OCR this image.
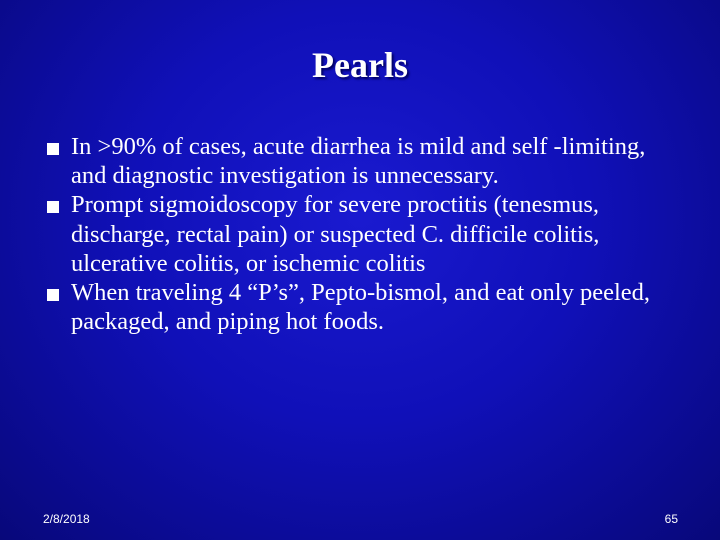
Pearls
In >90% of cases, acute diarrhea is mild and self -limiting, and diagnostic investigation is unnecessary.
Prompt sigmoidoscopy for severe proctitis (tenesmus, discharge, rectal pain) or suspected C. difficile colitis, ulcerative colitis, or ischemic colitis
When traveling 4 “P’s”, Pepto-bismol, and eat only peeled, packaged, and piping hot foods.
2/8/2018	65
